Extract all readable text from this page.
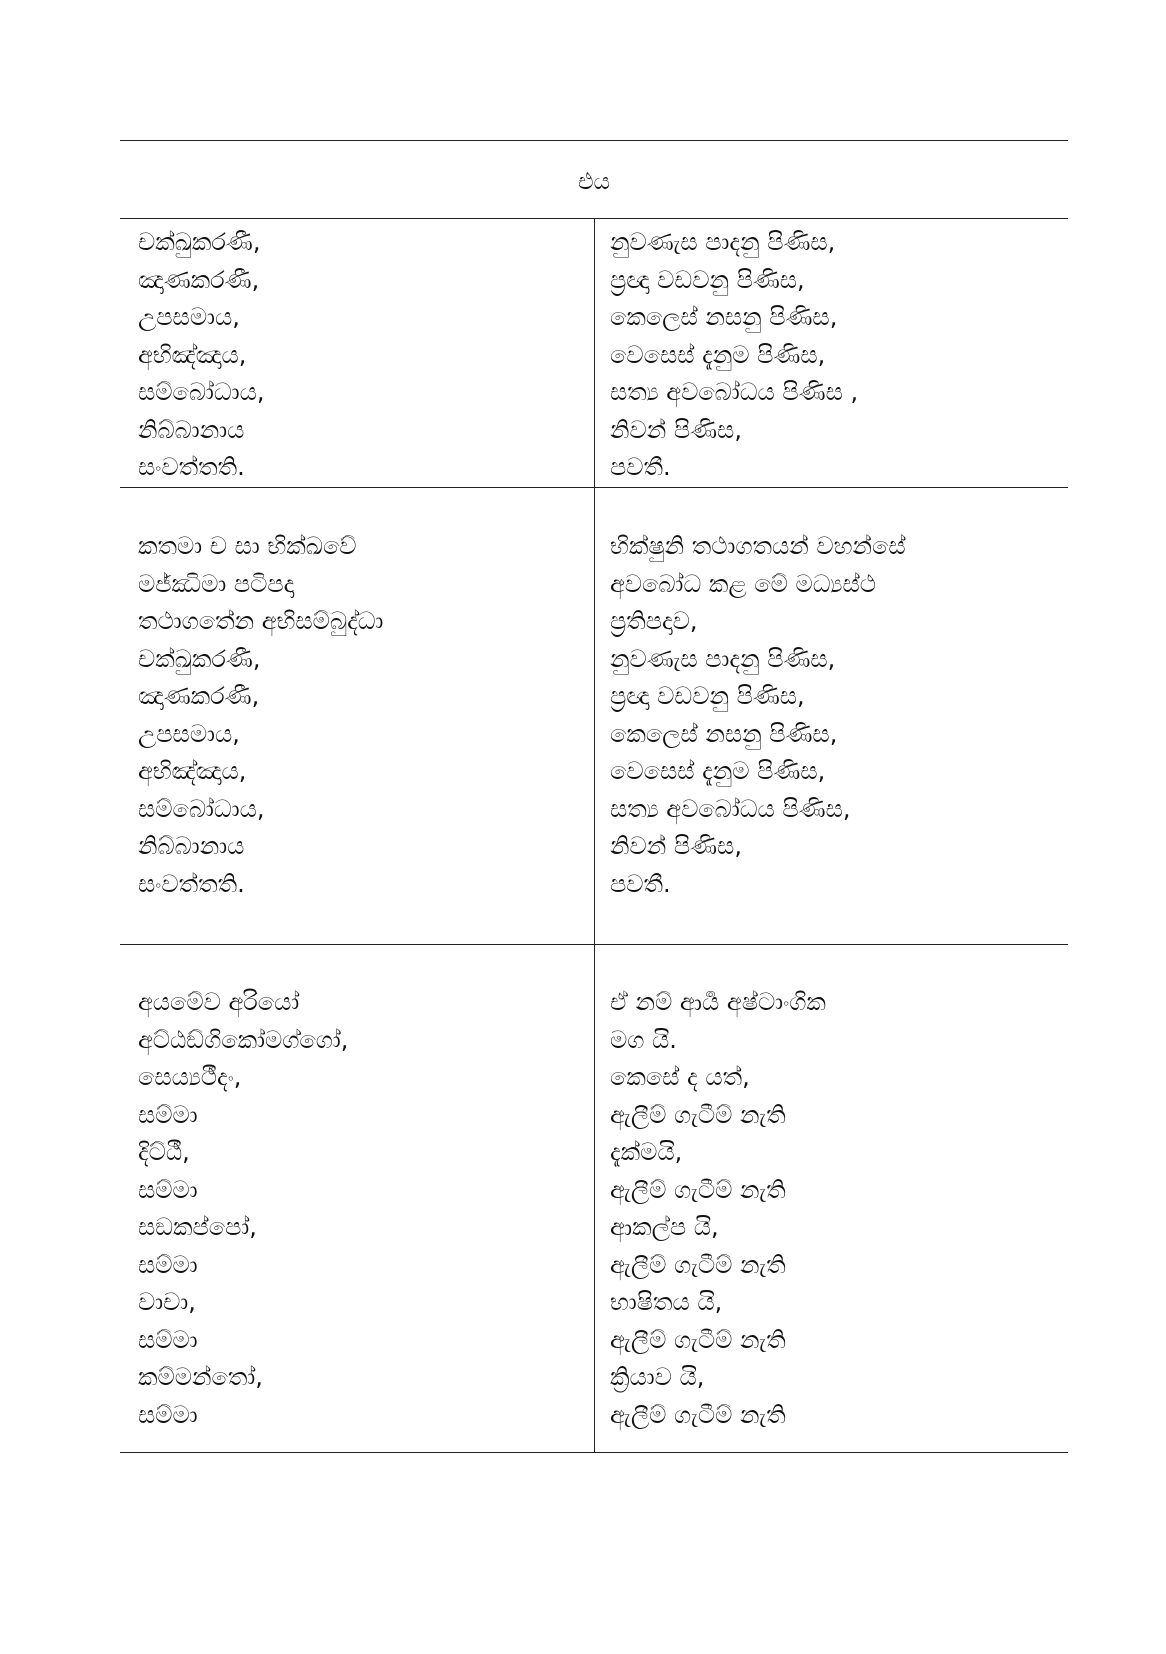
එය
චක්ඛුකරණී,
ඤාණකරණී,
උපසමාය,
අභිඤ්ඤාය,
සම්බෝධාය,
නිබ්බානාය
සංවත්තති.
නුවණැස පාදනු පිණිස,
ප්‍රඥා වඩවනු පිණිස,
කෙලෙස් නසනු පිණිස,
වෙසෙස් දැනුම පිණිස,
සත්‍ය අවබෝධය පිණිස ,
නිවන් පිණිස,
පවතී.
කතමා ච සා භික්ඛවේ
මජ්ඣිමා පටිපදා
තථාගතේන අභිසම්බුද්ධා
චක්ඛුකරණී,
ඤාණකරණී,
උපසමාය,
අභිඤ්ඤාය,
සම්බෝධාය,
නිබ්බානාය
සංවත්තති.
භික්ෂුනි තථාගතයන් වහන්සේ
අවබෝධ කළ මේ මධ්‍යස්ථ
ප්‍රතිපදාව,
නුවණැස පාදනු පිණිස,
ප්‍රඥා වඩවනු පිණිස,
කෙලෙස් නසනු පිණිස,
වෙසෙස් දැනුම පිණිස,
සත්‍ය අවබෝධය පිණිස,
නිවන් පිණිස,
පවතී.
අයමේව අරියෝ
අට්ඨඞ්ගිකෝමග්ගෝ,
සෙය්‍යථීදං,
සම්මා
දිට්ඨී,
සම්මා
සඞකප්පෝ,
සම්මා
වාචා,
සම්මා
කම්මන්තෝ,
සම්මා
ඒ නම් ආර්‍ය අෂ්ටාංගික
මග යි.
කෙසේ ද යත්,
ඇලීම් ගැටීම් නැති
දැක්මයි,
ඇලීම් ගැටීම් නැති
ආකල්ප යි,
ඇලීම් ගැටීම් නැති
භාෂිතය යි,
ඇලීම් ගැටීම් නැති
ක්‍රියාව යි,
ඇලීම් ගැටීම් නැති
